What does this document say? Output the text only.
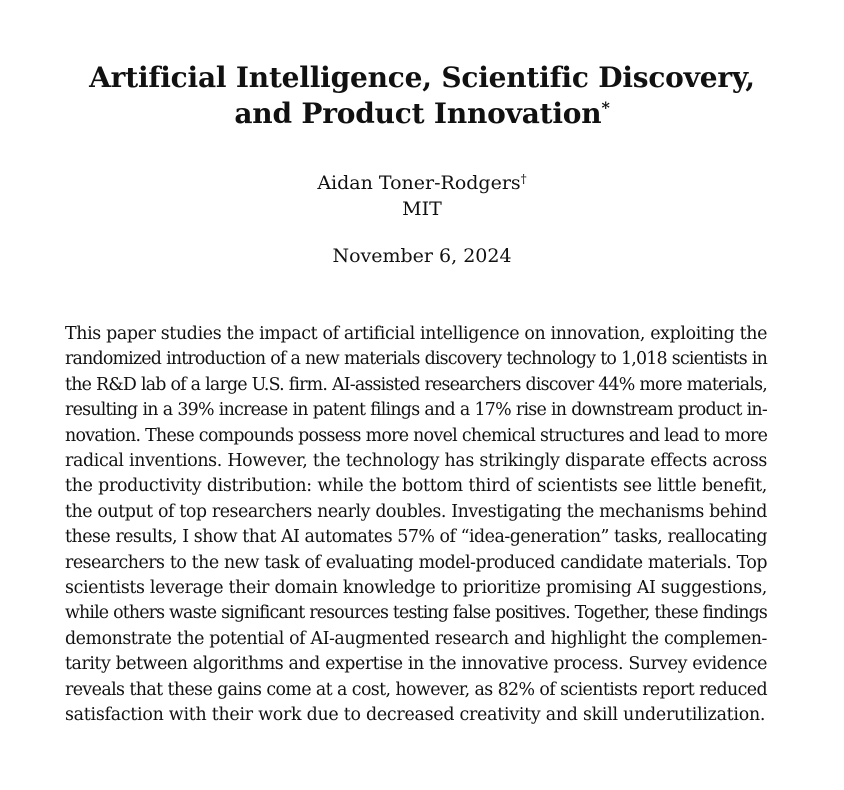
Artificial Intelligence, Scientific Discovery,
and Product Innovation*
Aidan Toner-Rodgers†
MIT
November 6, 2024
This paper studies the impact of artificial intelligence on innovation, exploiting the
randomized introduction of a new materials discovery technology to 1,018 scientists in
the R&D lab of a large U.S. firm. AI-assisted researchers discover 44% more materials,
resulting in a 39% increase in patent filings and a 17% rise in downstream product in-
novation. These compounds possess more novel chemical structures and lead to more
radical inventions. However, the technology has strikingly disparate effects across
the productivity distribution: while the bottom third of scientists see little benefit,
the output of top researchers nearly doubles. Investigating the mechanisms behind
these results, I show that AI automates 57% of “idea-generation” tasks, reallocating
researchers to the new task of evaluating model-produced candidate materials. Top
scientists leverage their domain knowledge to prioritize promising AI suggestions,
while others waste significant resources testing false positives. Together, these findings
demonstrate the potential of AI-augmented research and highlight the complemen-
tarity between algorithms and expertise in the innovative process. Survey evidence
reveals that these gains come at a cost, however, as 82% of scientists report reduced
satisfaction with their work due to decreased creativity and skill underutilization.
